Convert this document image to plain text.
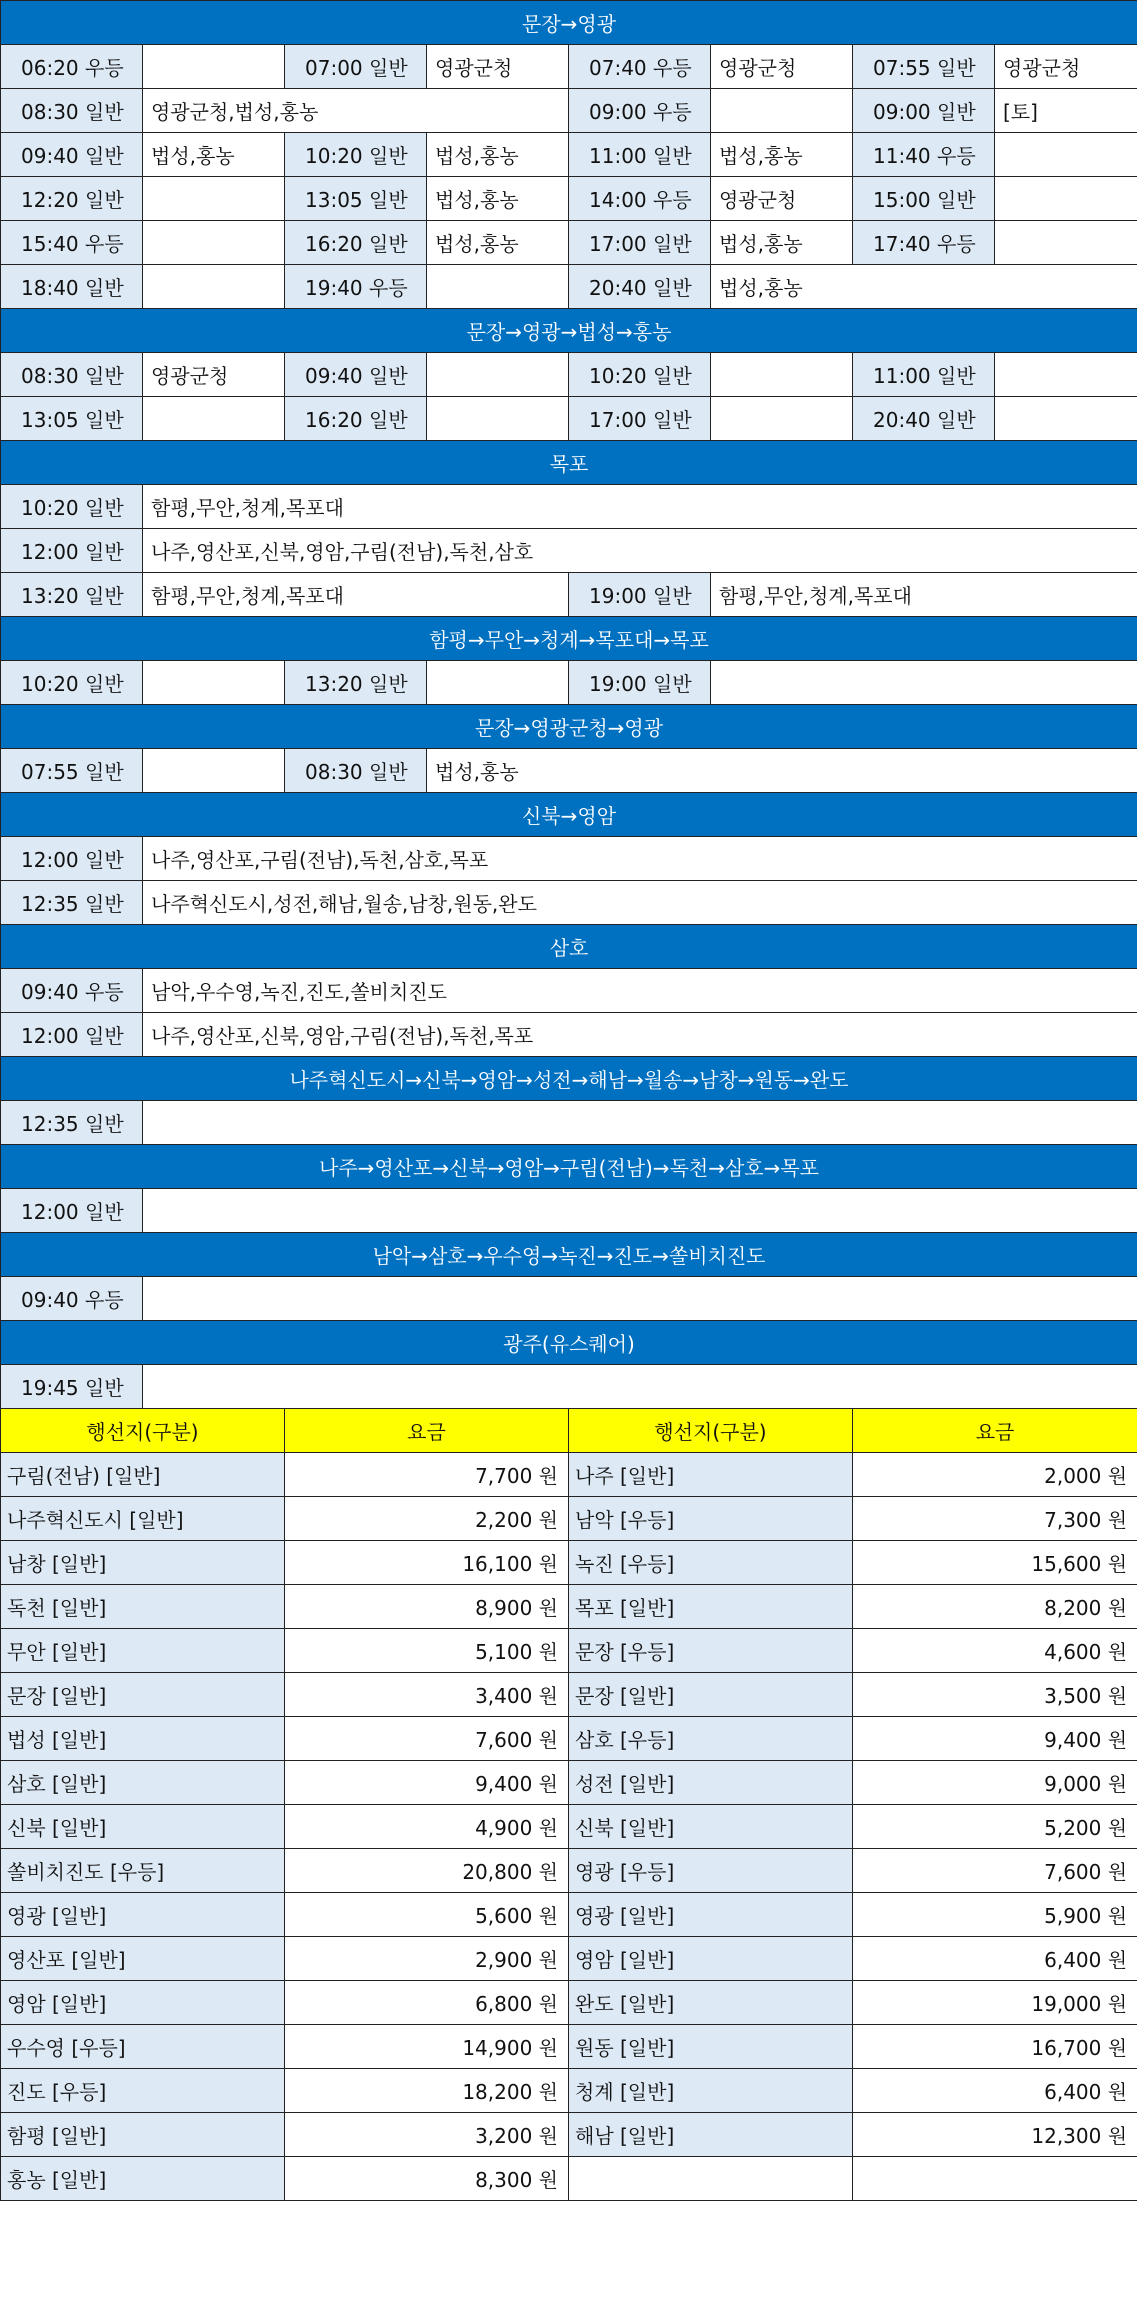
문장→영광							
06:20 우등		07:00 일반	영광군청	07:40 우등	영광군청	07:55 일반	영광군청
08:30 일반	영광군청,법성,홍농			09:00 우등		09:00 일반	[토]
09:40 일반	법성,홍농	10:20 일반	법성,홍농	11:00 일반	법성,홍농	11:40 우등	
12:20 일반		13:05 일반	법성,홍농	14:00 우등	영광군청	15:00 일반	
15:40 우등		16:20 일반	법성,홍농	17:00 일반	법성,홍농	17:40 우등	
18:40 일반		19:40 우등		20:40 일반	법성,홍농		
문장→영광→법성→홍농							
08:30 일반	영광군청	09:40 일반		10:20 일반		11:00 일반	
13:05 일반		16:20 일반		17:00 일반		20:40 일반	
목포							
10:20 일반	함평,무안,청계,목포대						
12:00 일반	나주,영산포,신북,영암,구림(전남),독천,삼호						
13:20 일반	함평,무안,청계,목포대			19:00 일반	함평,무안,청계,목포대		
함평→무안→청계→목포대→목포							
10:20 일반		13:20 일반		19:00 일반			
문장→영광군청→영광							
07:55 일반		08:30 일반	법성,홍농				
신북→영암							
12:00 일반	나주,영산포,구림(전남),독천,삼호,목포						
12:35 일반	나주혁신도시,성전,해남,월송,남창,원동,완도						
삼호							
09:40 우등	남악,우수영,녹진,진도,쏠비치진도						
12:00 일반	나주,영산포,신북,영암,구림(전남),독천,목포						
나주혁신도시→신북→영암→성전→해남→월송→남창→원동→완도							
12:35 일반							
나주→영산포→신북→영암→구림(전남)→독천→삼호→목포							
12:00 일반							
남악→삼호→우수영→녹진→진도→쏠비치진도							
09:40 우등							
광주(유스퀘어)							
19:45 일반							
행선지(구분)		요금		행선지(구분)		요금	
구림(전남) [일반]		7,700 원		나주 [일반]		2,000 원	
나주혁신도시 [일반]		2,200 원		남악 [우등]		7,300 원	
남창 [일반]		16,100 원		녹진 [우등]		15,600 원	
독천 [일반]		8,900 원		목포 [일반]		8,200 원	
무안 [일반]		5,100 원		문장 [우등]		4,600 원	
문장 [일반]		3,400 원		문장 [일반]		3,500 원	
법성 [일반]		7,600 원		삼호 [우등]		9,400 원	
삼호 [일반]		9,400 원		성전 [일반]		9,000 원	
신북 [일반]		4,900 원		신북 [일반]		5,200 원	
쏠비치진도 [우등]		20,800 원		영광 [우등]		7,600 원	
영광 [일반]		5,600 원		영광 [일반]		5,900 원	
영산포 [일반]		2,900 원		영암 [일반]		6,400 원	
영암 [일반]		6,800 원		완도 [일반]		19,000 원	
우수영 [우등]		14,900 원		원동 [일반]		16,700 원	
진도 [우등]		18,200 원		청계 [일반]		6,400 원	
함평 [일반]		3,200 원		해남 [일반]		12,300 원	
홍농 [일반]		8,300 원					
